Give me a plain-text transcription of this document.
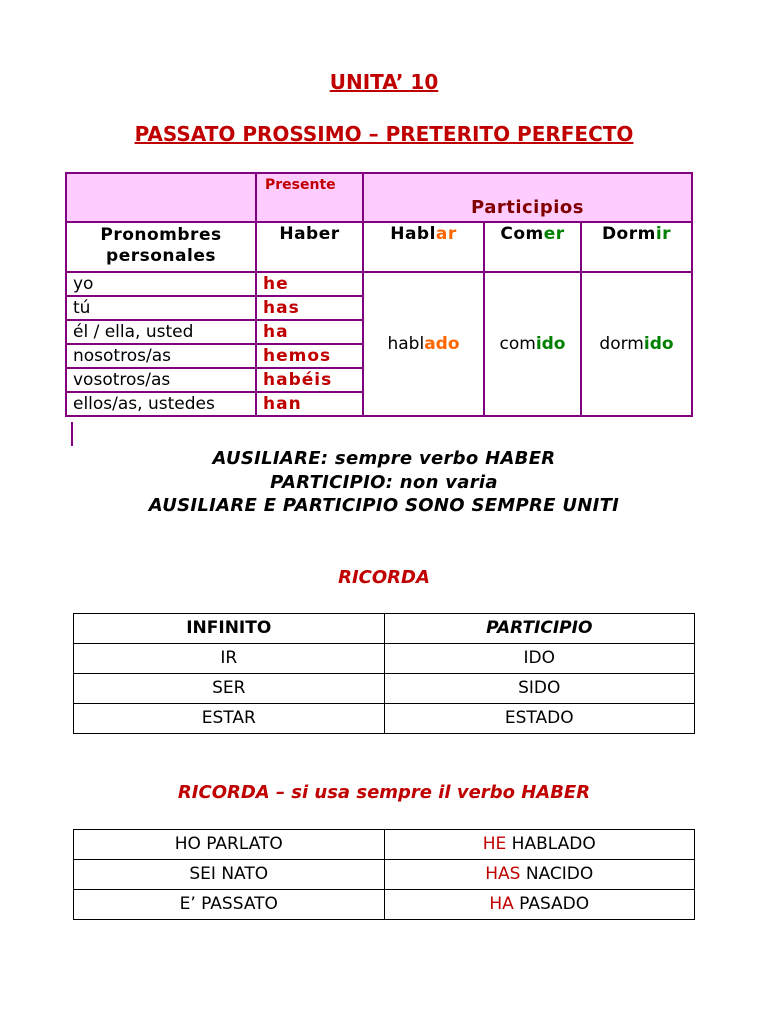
UNITA’ 10
PASSATO PROSSIMO – PRETERITO PERFECTO
	Presente	Participios		
Pronombres personales	Haber	Hablar	Comer	Dormir
yo	he	hablado	comido	dormido
tú	has			
él / ella, usted	ha			
nosotros/as	hemos			
vosotros/as	habéis			
ellos/as, ustedes	han			
AUSILIARE: sempre verbo HABER
PARTICIPIO: non varia
AUSILIARE E PARTICIPIO SONO SEMPRE UNITI
RICORDA
INFINITO	PARTICIPIO
IR	IDO
SER	SIDO
ESTAR	ESTADO
RICORDA – si usa sempre il verbo HABER
HO PARLATO	HE HABLADO
SEI NATO	HAS NACIDO
E’ PASSATO	HA PASADO
